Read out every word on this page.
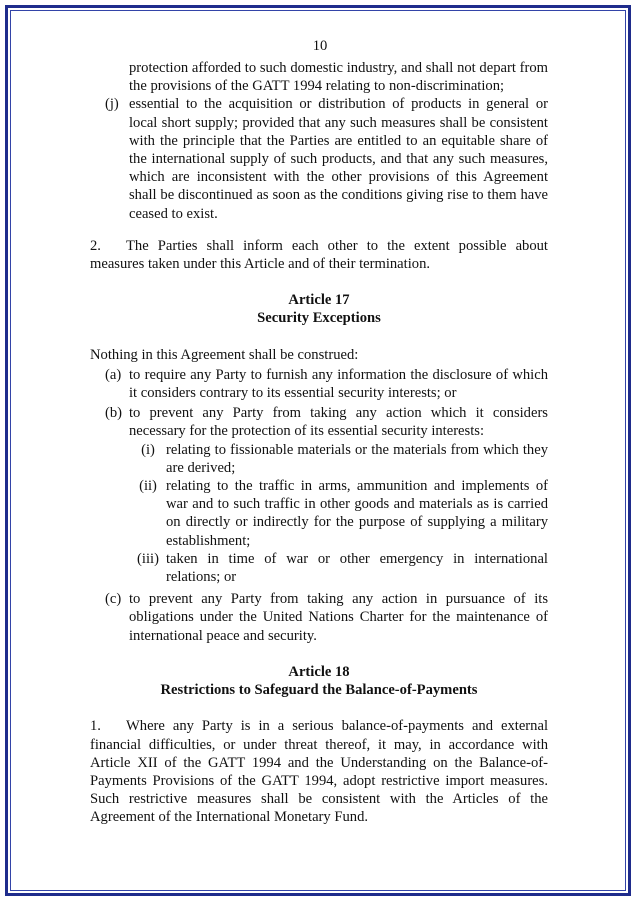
10

protection afforded to such domestic industry, and shall not depart from the provisions of the GATT 1994 relating to non-discrimination;

(j) essential to the acquisition or distribution of products in general or local short supply; provided that any such measures shall be consistent with the principle that the Parties are entitled to an equitable share of the international supply of such products, and that any such measures, which are inconsistent with the other provisions of this Agreement shall be discontinued as soon as the conditions giving rise to them have ceased to exist.

2. The Parties shall inform each other to the extent possible about measures taken under this Article and of their termination.

Article 17
Security Exceptions

Nothing in this Agreement shall be construed:

(a) to require any Party to furnish any information the disclosure of which it considers contrary to its essential security interests; or
(b) to prevent any Party from taking any action which it considers necessary for the protection of its essential security interests:
(i) relating to fissionable materials or the materials from which they are derived;
(ii) relating to the traffic in arms, ammunition and implements of war and to such traffic in other goods and materials as is carried on directly or indirectly for the purpose of supplying a military establishment;
(iii) taken in time of war or other emergency in international relations; or
(c) to prevent any Party from taking any action in pursuance of its obligations under the United Nations Charter for the maintenance of international peace and security.
Article 18
Restrictions to Safeguard the Balance-of-Payments

1. Where any Party is in a serious balance-of-payments and external financial difficulties, or under threat thereof, it may, in accordance with Article XII of the GATT 1994 and the Understanding on the Balance-of-Payments Provisions of the GATT 1994, adopt restrictive import measures. Such restrictive measures shall be consistent with the Articles of the Agreement of the International Monetary Fund.
